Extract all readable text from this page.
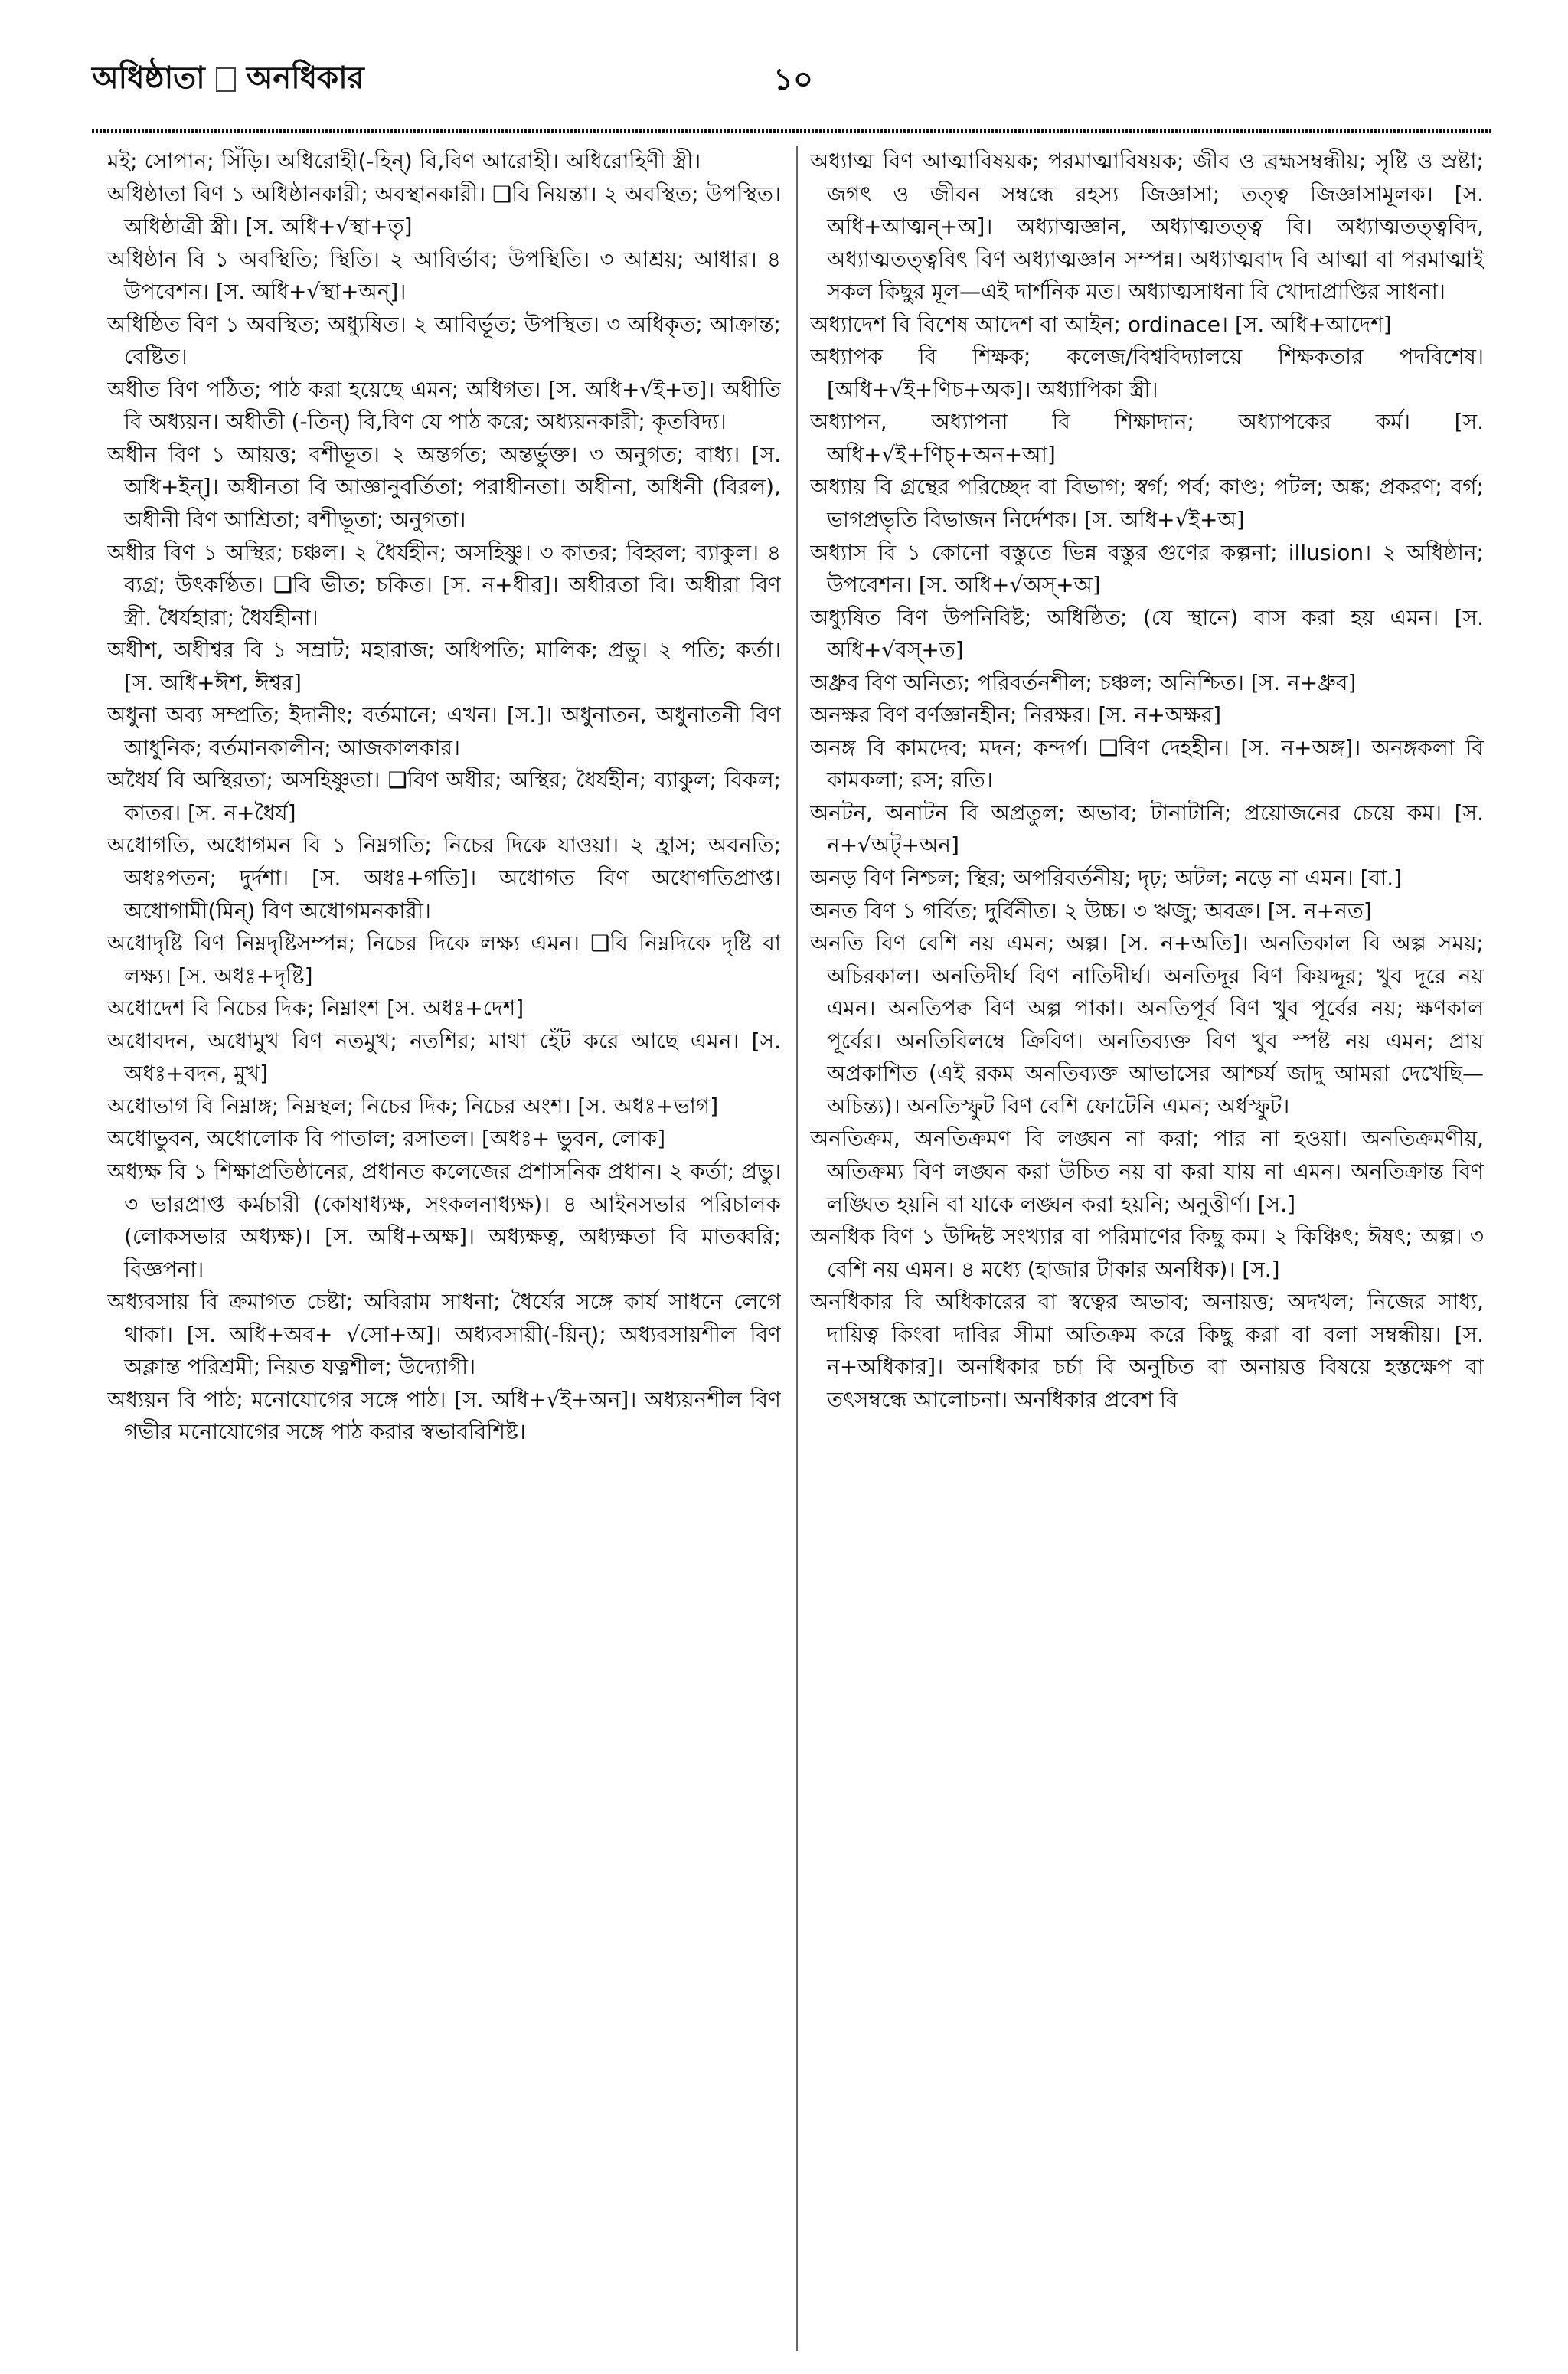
অধিষ্ঠাতা অনধিকার	১০

মই; সোপান; সিঁড়ি। অধিরোহী(-হিন্) বি,বিণ আরোহী। অধিরোহিণী স্ত্রী।

অধিষ্ঠাতা বিণ ১ অধিষ্ঠানকারী; অবস্থানকারী। ❑বি নিয়ন্তা। ২ অবস্থিত; উপস্থিত। অধিষ্ঠাত্রী স্ত্রী। [স. অধি+√স্থা+তৃ]

অধিষ্ঠান বি ১ অবস্থিতি; স্থিতি। ২ আবির্ভাব; উপস্থিতি। ৩ আশ্রয়; আধার। ৪ উপবেশন। [স. অধি+√স্থা+অন্]।

অধিষ্ঠিত বিণ ১ অবস্থিত; অধ্যুষিত। ২ আবির্ভূত; উপস্থিত। ৩ অধিকৃত; আক্রান্ত; বেষ্টিত।

অধীত বিণ পঠিত; পাঠ করা হয়েছে এমন; অধিগত। [স. অধি+√ই+ত]। অধীতি বি অধ্যয়ন। অধীতী (-তিন্) বি,বিণ যে পাঠ করে; অধ্যয়নকারী; কৃতবিদ্য।

অধীন বিণ ১ আয়ত্ত; বশীভূত। ২ অন্তর্গত; অন্তর্ভুক্ত। ৩ অনুগত; বাধ্য। [স. অধি+ইন্]। অধীনতা বি আজ্ঞানুবর্তিতা; পরাধীনতা। অধীনা, অধিনী (বিরল), অধীনী বিণ আশ্রিতা; বশীভূতা; অনুগতা।

অধীর বিণ ১ অস্থির; চঞ্চল। ২ ধৈর্যহীন; অসহিষ্ণু। ৩ কাতর; বিহ্বল; ব্যাকুল। ৪ ব্যগ্র; উৎকণ্ঠিত। ❑বি ভীত; চকিত। [স. ন+ধীর]। অধীরতা বি। অধীরা বিণ স্ত্রী. ধৈর্যহারা; ধৈর্যহীনা।

অধীশ, অধীশ্বর বি ১ সম্রাট; মহারাজ; অধিপতি; মালিক; প্রভু। ২ পতি; কর্তা। [স. অধি+ঈশ, ঈশ্বর]

অধুনা অব্য সম্প্রতি; ইদানীং; বর্তমানে; এখন। [স.]। অধুনাতন, অধুনাতনী বিণ আধুনিক; বর্তমানকালীন; আজকালকার।

অধৈর্য বি অস্থিরতা; অসহিষ্ণুতা। ❑বিণ অধীর; অস্থির; ধৈর্যহীন; ব্যাকুল; বিকল; কাতর। [স. ন+ধৈর্য]

অধোগতি, অধোগমন বি ১ নিম্নগতি; নিচের দিকে যাওয়া। ২ হ্রাস; অবনতি; অধঃপতন; দুর্দশা। [স. অধঃ+গতি]। অধোগত বিণ অধোগতিপ্রাপ্ত। অধোগামী(মিন্) বিণ অধোগমনকারী।

অধোদৃষ্টি বিণ নিম্নদৃষ্টিসম্পন্ন; নিচের দিকে লক্ষ্য এমন। ❑বি নিম্নদিকে দৃষ্টি বা লক্ষ্য। [স. অধঃ+দৃষ্টি]

অধোদেশ বি নিচের দিক; নিম্নাংশ [স. অধঃ+দেশ]

অধোবদন, অধোমুখ বিণ নতমুখ; নতশির; মাথা হেঁট করে আছে এমন। [স. অধঃ+বদন, মুখ]

অধোভাগ বি নিম্নাঙ্গ; নিম্নস্থল; নিচের দিক; নিচের অংশ। [স. অধঃ+ভাগ]

অধোভুবন, অধোলোক বি পাতাল; রসাতল। [অধঃ+ ভুবন, লোক]

অধ্যক্ষ বি ১ শিক্ষাপ্রতিষ্ঠানের, প্রধানত কলেজের প্রশাসনিক প্রধান। ২ কর্তা; প্রভু। ৩ ভারপ্রাপ্ত কর্মচারী (কোষাধ্যক্ষ, সংকলনাধ্যক্ষ)। ৪ আইনসভার পরিচালক (লোকসভার অধ্যক্ষ)। [স. অধি+অক্ষ]। অধ্যক্ষত্ব, অধ্যক্ষতা বি মাতব্বরি; বিজ্ঞপনা।

অধ্যবসায় বি ক্রমাগত চেষ্টা; অবিরাম সাধনা; ধৈর্যের সঙ্গে কার্য সাধনে লেগে থাকা। [স. অধি+অব+ √সো+অ]। অধ্যবসায়ী(-য়িন্); অধ্যবসায়শীল বিণ অক্লান্ত পরিশ্রমী; নিয়ত যত্নশীল; উদ্যোগী।

অধ্যয়ন বি পাঠ; মনোযোগের সঙ্গে পাঠ। [স. অধি+√ই+অন]। অধ্যয়নশীল বিণ গভীর মনোযোগের সঙ্গে পাঠ করার স্বভাববিশিষ্ট।

অধ্যাত্ম বিণ আত্মাবিষয়ক; পরমাত্মাবিষয়ক; জীব ও ব্রহ্মসম্বন্ধীয়; সৃষ্টি ও স্রষ্টা; জগৎ ও জীবন সম্বন্ধে রহস্য জিজ্ঞাসা; তত্ত্ব জিজ্ঞাসামূলক। [স. অধি+আত্মন্+অ]। অধ্যাত্মজ্ঞান, অধ্যাত্মতত্ত্ব বি। অধ্যাত্মতত্ত্ববিদ, অধ্যাত্মতত্ত্ববিৎ বিণ অধ্যাত্মজ্ঞান সম্পন্ন। অধ্যাত্মবাদ বি আত্মা বা পরমাত্মাই সকল কিছুর মূল—এই দার্শনিক মত। অধ্যাত্মসাধনা বি খোদাপ্রাপ্তির সাধনা।

অধ্যাদেশ বি বিশেষ আদেশ বা আইন; ordinace। [স. অধি+আদেশ]

অধ্যাপক বি শিক্ষক; কলেজ/বিশ্ববিদ্যালয়ে শিক্ষকতার পদবিশেষ। [অধি+√ই+ণিচ+অক]। অধ্যাপিকা স্ত্রী।

অধ্যাপন, অধ্যাপনা বি শিক্ষাদান; অধ্যাপকের কর্ম। [স. অধি+√ই+ণিচ্+অন+আ]

অধ্যায় বি গ্রন্থের পরিচ্ছেদ বা বিভাগ; স্বর্গ; পর্ব; কাণ্ড; পটল; অঙ্ক; প্রকরণ; বর্গ; ভাগপ্রভৃতি বিভাজন নির্দেশক। [স. অধি+√ই+অ]

অধ্যাস বি ১ কোনো বস্তুতে ভিন্ন বস্তুর গুণের কল্পনা; illusion। ২ অধিষ্ঠান; উপবেশন। [স. অধি+√অস্+অ]

অধ্যুষিত বিণ উপনিবিষ্ট; অধিষ্ঠিত; (যে স্থানে) বাস করা হয় এমন। [স. অধি+√বস্+ত]

অধ্রুব বিণ অনিত্য; পরিবর্তনশীল; চঞ্চল; অনিশ্চিত। [স. ন+ধ্রুব]

অনক্ষর বিণ বর্ণজ্ঞানহীন; নিরক্ষর। [স. ন+অক্ষর]

অনঙ্গ বি কামদেব; মদন; কন্দর্প। ❑বিণ দেহহীন। [স. ন+অঙ্গ]। অনঙ্গকলা বি কামকলা; রস; রতি।

অনটন, অনাটন বি অপ্রতুল; অভাব; টানাটানি; প্রয়োজনের চেয়ে কম। [স. ন+√অট্+অন]

অনড় বিণ নিশ্চল; স্থির; অপরিবর্তনীয়; দৃঢ়; অটল; নড়ে না এমন। [বা.]

অনত বিণ ১ গর্বিত; দুর্বিনীত। ২ উচ্চ। ৩ ঋজু; অবক্র। [স. ন+নত]

অনতি বিণ বেশি নয় এমন; অল্প। [স. ন+অতি]। অনতিকাল বি অল্প সময়; অচিরকাল। অনতিদীর্ঘ বিণ নাতিদীর্ঘ। অনতিদূর বিণ কিয়দ্দূর; খুব দূরে নয় এমন। অনতিপক্ব বিণ অল্প পাকা। অনতিপূর্ব বিণ খুব পূর্বের নয়; ক্ষণকাল পূর্বের। অনতিবিলম্বে ক্রিবিণ। অনতিব্যক্ত বিণ খুব স্পষ্ট নয় এমন; প্রায় অপ্রকাশিত (এই রকম অনতিব্যক্ত আভাসের আশ্চর্য জাদু আমরা দেখেছি—অচিন্ত্য)। অনতিস্ফুট বিণ বেশি ফোটেনি এমন; অর্ধস্ফুট।

অনতিক্রম, অনতিক্রমণ বি লঙ্ঘন না করা; পার না হওয়া। অনতিক্রমণীয়, অতিক্রম্য বিণ লঙ্ঘন করা উচিত নয় বা করা যায় না এমন। অনতিক্রান্ত বিণ লঙ্ঘিত হয়নি বা যাকে লঙ্ঘন করা হয়নি; অনুত্তীর্ণ। [স.]

অনধিক বিণ ১ উদ্দিষ্ট সংখ্যার বা পরিমাণের কিছু কম। ২ কিঞ্চিৎ; ঈষৎ; অল্প। ৩ বেশি নয় এমন। ৪ মধ্যে (হাজার টাকার অনধিক)। [স.]

অনধিকার বি অধিকারের বা স্বত্বের অভাব; অনায়ত্ত; অদখল; নিজের সাধ্য, দায়িত্ব কিংবা দাবির সীমা অতিক্রম করে কিছু করা বা বলা সম্বন্ধীয়। [স. ন+অধিকার]। অনধিকার চর্চা বি অনুচিত বা অনায়ত্ত বিষয়ে হস্তক্ষেপ বা তৎসম্বন্ধে আলোচনা। অনধিকার প্রবেশ বি
